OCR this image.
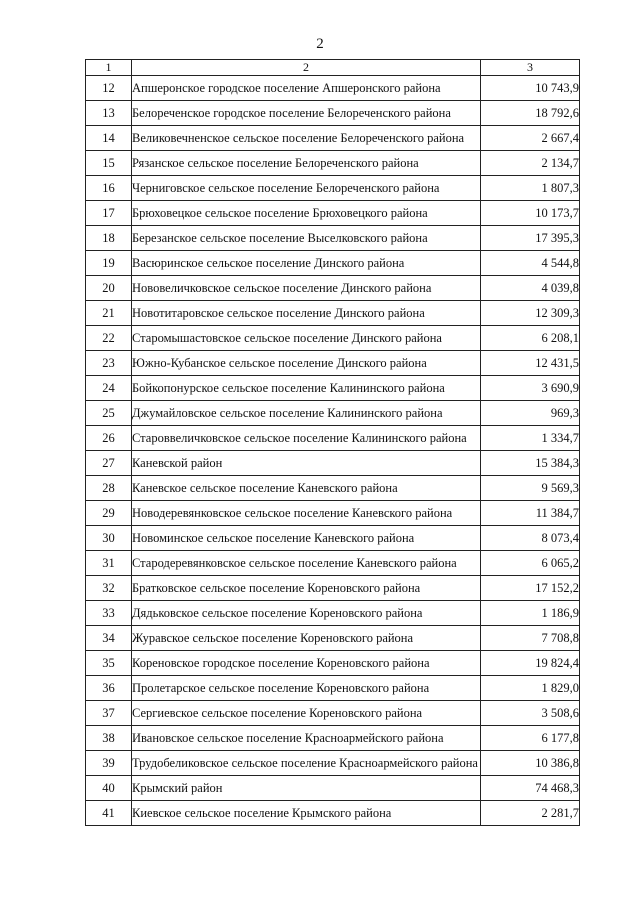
2
1	2	3
12	Апшеронское городское поселение Апшеронского района	10 743,9
13	Белореченское городское поселение Белореченского района	18 792,6
14	Великовечненское сельское поселение Белореченского района	2 667,4
15	Рязанское сельское поселение Белореченского района	2 134,7
16	Черниговское сельское поселение Белореченского района	1 807,3
17	Брюховецкое сельское поселение Брюховецкого района	10 173,7
18	Березанское сельское поселение Выселковского района	17 395,3
19	Васюринское сельское поселение Динского района	4 544,8
20	Нововеличковское сельское поселение Динского района	4 039,8
21	Новотитаровское сельское поселение Динского района	12 309,3
22	Старомышастовское сельское поселение Динского района	6 208,1
23	Южно-Кубанское сельское поселение Динского района	12 431,5
24	Бойкопонурское сельское поселение Калининского района	3 690,9
25	Джумайловское сельское поселение Калининского района	969,3
26	Староввеличковское сельское поселение Калининского района	1 334,7
27	Каневской район	15 384,3
28	Каневское сельское поселение Каневского района	9 569,3
29	Новодеревянковское сельское поселение Каневского района	11 384,7
30	Новоминское сельское поселение Каневского района	8 073,4
31	Стародеревянковское сельское поселение Каневского района	6 065,2
32	Братковское сельское поселение Кореновского района	17 152,2
33	Дядьковское сельское поселение Кореновского района	1 186,9
34	Журавское сельское поселение Кореновского района	7 708,8
35	Кореновское городское поселение Кореновского района	19 824,4
36	Пролетарское сельское поселение Кореновского района	1 829,0
37	Сергиевское сельское поселение Кореновского района	3 508,6
38	Ивановское сельское поселение Красноармейского района	6 177,8
39	Трудобеликовское сельское поселение Красноармейского района	10 386,8
40	Крымский район	74 468,3
41	Киевское сельское поселение Крымского района	2 281,7
